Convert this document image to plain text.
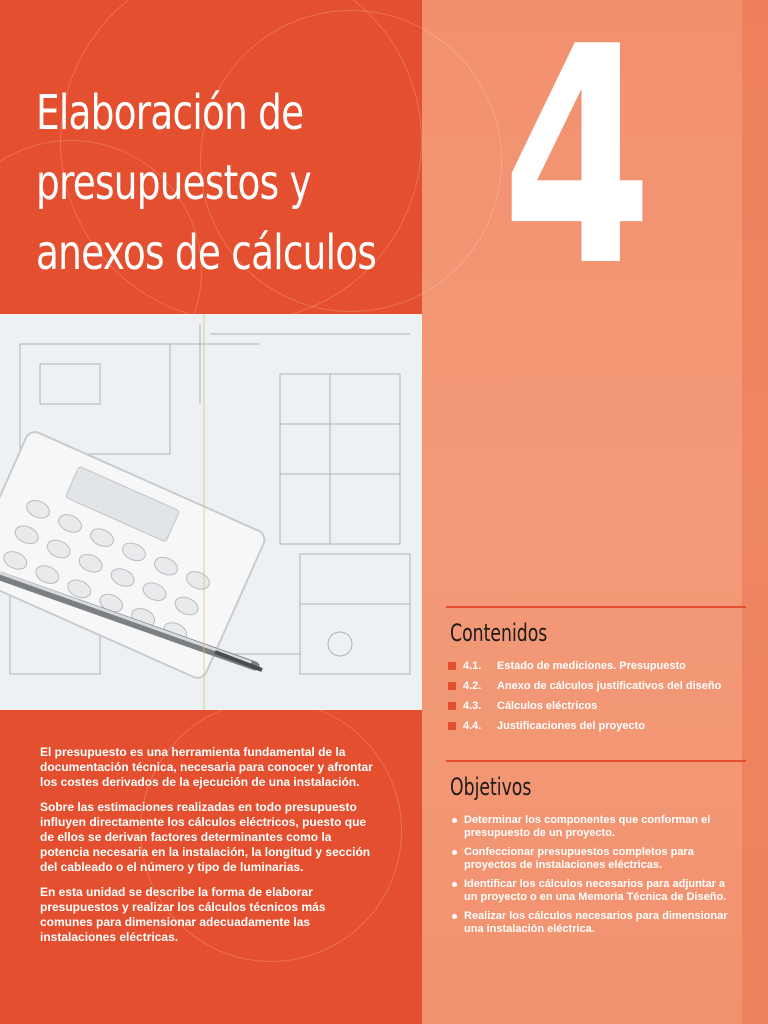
4
Elaboración de
presupuestos y
anexos de cálculos

El presupuesto es una herramienta fundamental de la documentación técnica, necesaria para conocer y afrontar los costes derivados de la ejecución de una instalación.

Sobre las estimaciones realizadas en todo presupuesto influyen directamente los cálculos eléctricos, puesto que de ellos se derivan factores determinantes como la potencia necesaria en la instalación, la longitud y sección del cableado o el número y tipo de luminarias.

En esta unidad se describe la forma de elaborar presupuestos y realizar los cálculos técnicos más comunes para dimensionar adecuadamente las instalaciones eléctricas.

Contenidos
4.1. Estado de mediciones. Presupuesto
4.2. Anexo de cálculos justificativos del diseño
4.3. Cálculos eléctricos
4.4. Justificaciones del proyecto
Objetivos
Determinar los componentes que conforman el presupuesto de un proyecto.
Confeccionar presupuestos completos para proyectos de instalaciones eléctricas.
Identificar los cálculos necesarios para adjuntar a un proyecto o en una Memoria Técnica de Diseño.
Realizar los cálculos necesarios para dimensionar una instalación eléctrica.
